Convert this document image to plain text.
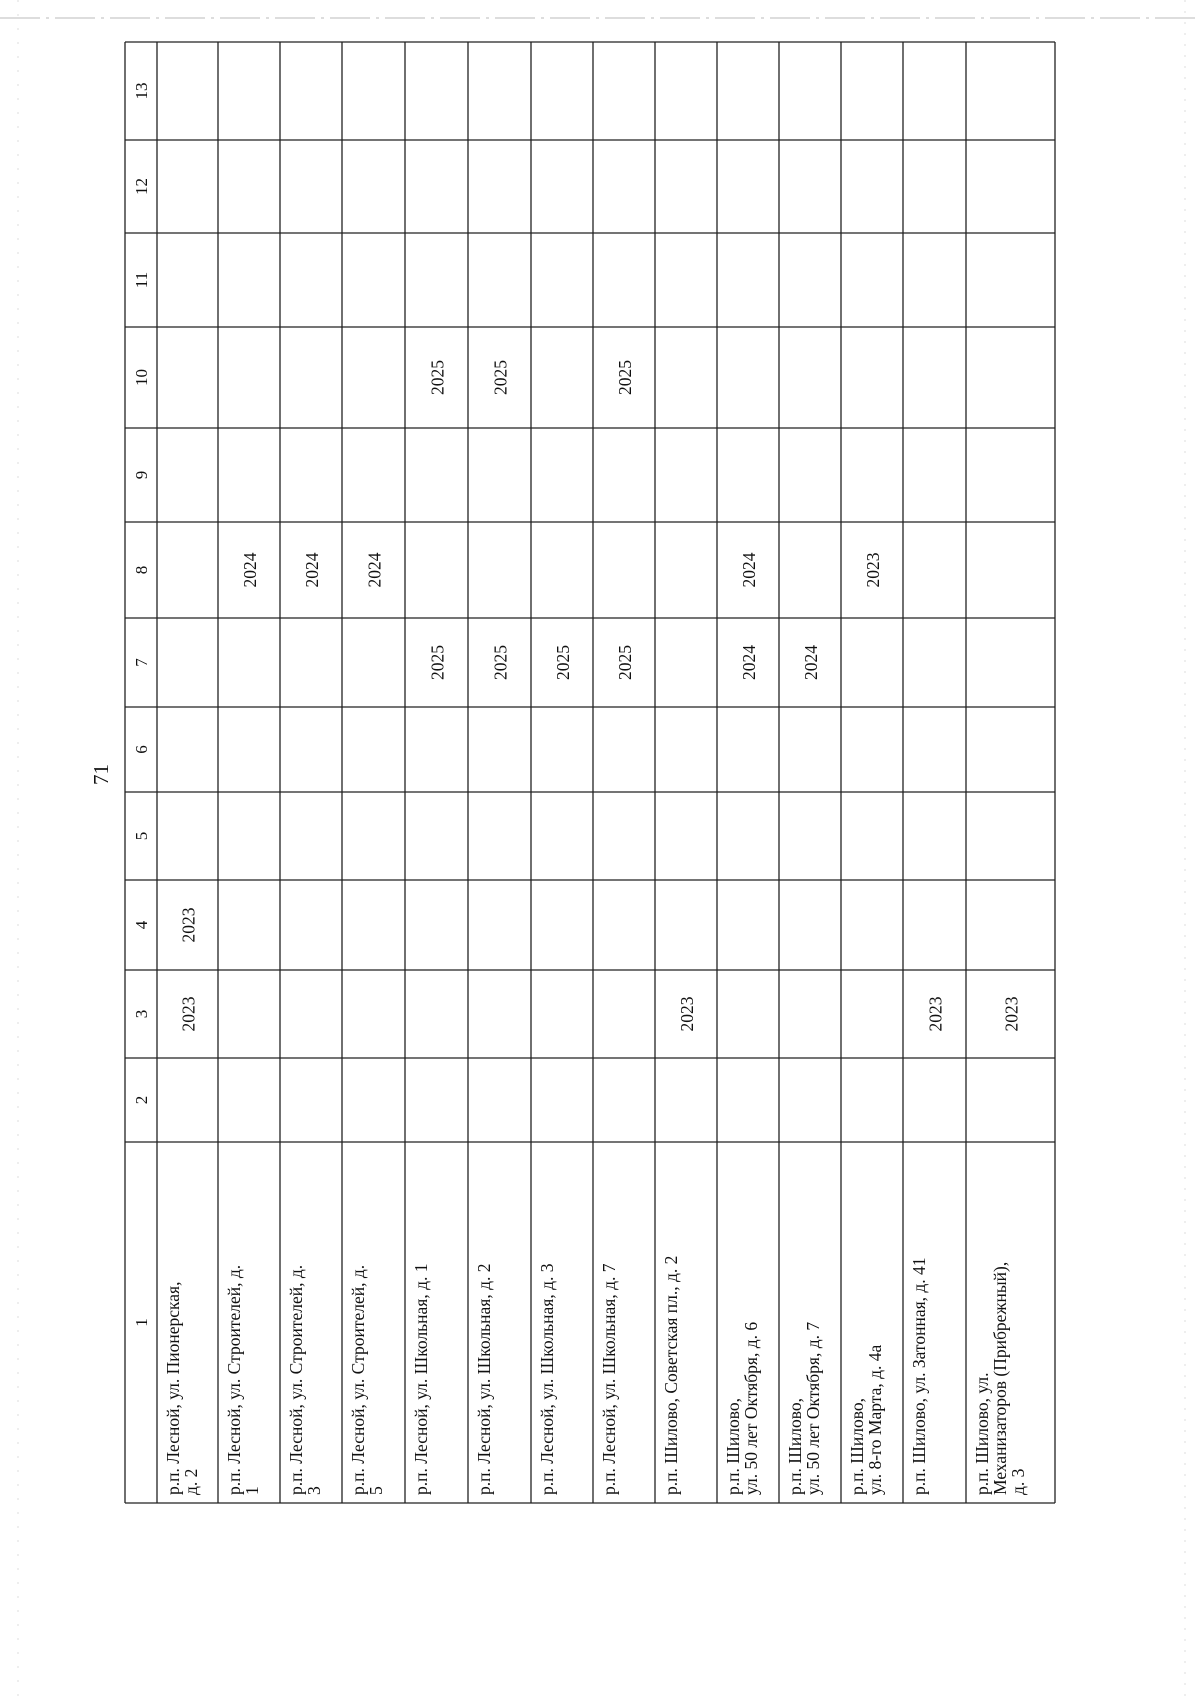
71
1
2
3
4
5
6
7
8
9
10
11
12
13
р.п. Лесной, ул. Пионерская,
д. 2
2023
2023
р.п. Лесной, ул. Строителей, д.
1
2024
р.п. Лесной, ул. Строителей, д.
3
2024
р.п. Лесной, ул. Строителей, д.
5
2024
р.п. Лесной, ул. Школьная, д. 1
2025
2025
р.п. Лесной, ул. Школьная, д. 2
2025
2025
р.п. Лесной, ул. Школьная, д. 3
2025
р.п. Лесной, ул. Школьная, д. 7
2025
2025
р.п. Шилово, Советская пл., д. 2
2023
р.п. Шилово,
ул. 50 лет Октября, д. 6
2024
2024
р.п. Шилово,
ул. 50 лет Октября, д. 7
2024
р.п. Шилово,
ул. 8-го Марта, д. 4а
2023
р.п. Шилово, ул. Затонная, д. 41
2023
р.п. Шилово, ул.
Механизаторов (Прибрежный),
д. 3
2023
